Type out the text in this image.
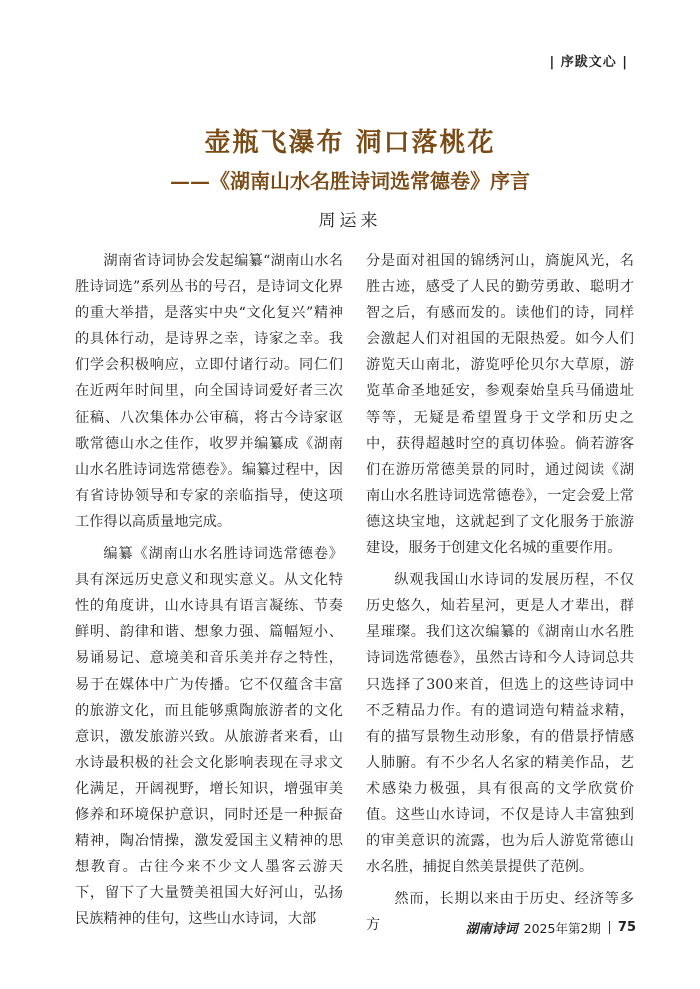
| 序跋文心 |
壶瓶飞瀑布 洞口落桃花
——《湖南山水名胜诗词选常德卷》序言
周运来

湖南省诗词协会发起编纂“湖南山水名胜诗词选”系列丛书的号召，是诗词文化界的重大举措，是落实中央“文化复兴”精神的具体行动，是诗界之幸，诗家之幸。我们学会积极响应，立即付诸行动。同仁们在近两年时间里，向全国诗词爱好者三次征稿、八次集体办公审稿，将古今诗家讴歌常德山水之佳作，收罗并编纂成《湖南山水名胜诗词选常德卷》。编纂过程中，因有省诗协领导和专家的亲临指导，使这项工作得以高质量地完成。

编纂《湖南山水名胜诗词选常德卷》具有深远历史意义和现实意义。从文化特性的角度讲，山水诗具有语言凝练、节奏鲜明、韵律和谐、想象力强、篇幅短小、易诵易记、意境美和音乐美并存之特性，易于在媒体中广为传播。它不仅蕴含丰富的旅游文化，而且能够熏陶旅游者的文化意识，激发旅游兴致。从旅游者来看，山水诗最积极的社会文化影响表现在寻求文化满足，开阔视野，增长知识，增强审美修养和环境保护意识，同时还是一种振奋精神，陶冶情操，激发爱国主义精神的思想教育。古往今来不少文人墨客云游天下，留下了大量赞美祖国大好河山，弘扬民族精神的佳句，这些山水诗词，大部

分是面对祖国的锦绣河山，旖旎风光，名胜古迹，感受了人民的勤劳勇敢、聪明才智之后，有感而发的。读他们的诗，同样会激起人们对祖国的无限热爱。如今人们游览天山南北，游览呼伦贝尔大草原，游览革命圣地延安，参观秦始皇兵马俑遗址等等，无疑是希望置身于文学和历史之中，获得超越时空的真切体验。倘若游客们在游历常德美景的同时，通过阅读《湖南山水名胜诗词选常德卷》，一定会爱上常德这块宝地，这就起到了文化服务于旅游建设，服务于创建文化名城的重要作用。

纵观我国山水诗词的发展历程，不仅历史悠久，灿若星河，更是人才辈出，群星璀璨。我们这次编纂的《湖南山水名胜诗词选常德卷》，虽然古诗和今人诗词总共只选择了300来首，但选上的这些诗词中不乏精品力作。有的遣词造句精益求精，有的描写景物生动形象，有的借景抒情感人肺腑。有不少名人名家的精美作品，艺术感染力极强，具有很高的文学欣赏价值。这些山水诗词，不仅是诗人丰富独到的审美意识的流露，也为后人游览常德山水名胜，捕捉自然美景提供了范例。

然而，长期以来由于历史、经济等多方	湖南诗词 2025年第2期 75
